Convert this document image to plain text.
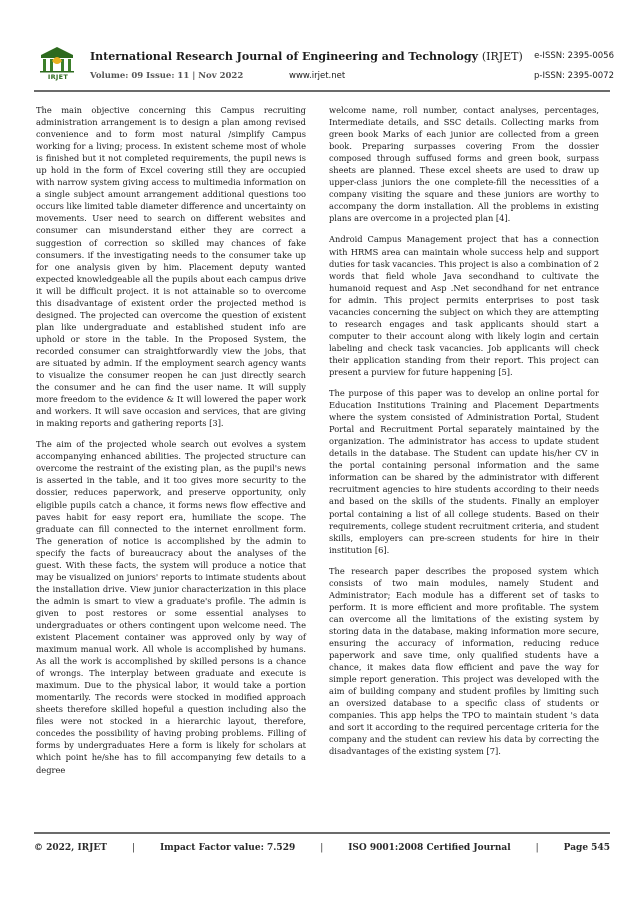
IRJET
International Research Journal of Engineering and Technology (IRJET) e-ISSN: 2395-0056
Volume: 09 Issue: 11 | Nov 2022	www.irjet.net	p-ISSN: 2395-0072

The main objective concerning this Campus recruiting administration arrangement is to design a plan among revised convenience and to form most natural /simplify Campus working for a living; process. In existent scheme most of whole is finished but it not completed requirements, the pupil news is up hold in the form of Excel covering still they are occupied with narrow system giving access to multimedia information on a single subject amount arrangement additional questions too occurs like limited table diameter difference and uncertainty on movements. User need to search on different websites and consumer can misunderstand either they are correct a suggestion of correction so skilled may chances of fake consumers. if the investigating needs to the consumer take up for one analysis given by him. Placement deputy wanted expected knowledgeable all the pupils about each campus drive it will be difficult project. it is not attainable so to overcome this disadvantage of existent order the projected method is designed. The projected can overcome the question of existent plan like undergraduate and established student info are uphold or store in the table. In the Proposed System, the recorded consumer can straightforwardly view the jobs, that are situated by admin. If the employment search agency wants to visualize the consumer reopen he can just directly search the consumer and he can find the user name. It will supply more freedom to the evidence & It will lowered the paper work and workers. It will save occasion and services, that are giving in making reports and gathering reports [3].

The aim of the projected whole search out evolves a system accompanying enhanced abilities. The projected structure can overcome the restraint of the existing plan, as the pupil's news is asserted in the table, and it too gives more security to the dossier, reduces paperwork, and preserve opportunity, only eligible pupils catch a chance, it forms news flow effective and paves habit for easy report era, humiliate the scope. The graduate can fill connected to the internet enrollment form. The generation of notice is accomplished by the admin to specify the facts of bureaucracy about the analyses of the guest. With these facts, the system will produce a notice that may be visualized on juniors' reports to intimate students about the installation drive. View junior characterization in this place the admin is smart to view a graduate's profile. The admin is given to post restores or some essential analyses to undergraduates or others contingent upon welcome need. The existent Placement container was approved only by way of maximum manual work. All whole is accomplished by humans. As all the work is accomplished by skilled persons is a chance of wrongs. The interplay between graduate and execute is maximum. Due to the physical labor, it would take a portion momentarily. The records were stocked in modified approach sheets therefore skilled hopeful a question including also the files were not stocked in a hierarchic layout, therefore, concedes the possibility of having probing problems. Filling of forms by undergraduates Here a form is likely for scholars at which point he/she has to fill accompanying few details to a degree

welcome name, roll number, contact analyses, percentages, Intermediate details, and SSC details. Collecting marks from green book Marks of each junior are collected from a green book. Preparing surpasses covering From the dossier composed through suffused forms and green book, surpass sheets are planned. These excel sheets are used to draw up upper-class juniors the one complete-fill the necessities of a company visiting the square and these juniors are worthy to accompany the dorm installation. All the problems in existing plans are overcome in a projected plan [4].

Android Campus Management project that has a connection with HRMS area can maintain whole success help and support duties for task vacancies. This project is also a combination of 2 words that field whole Java secondhand to cultivate the humanoid request and Asp .Net secondhand for net entrance for admin. This project permits enterprises to post task vacancies concerning the subject on which they are attempting to research engages and task applicants should start a computer to their account along with likely login and certain labeling and check task vacancies. Job applicants will check their application standing from their report. This project can present a purview for future happening [5].

The purpose of this paper was to develop an online portal for Education Institutions Training and Placement Departments where the system consisted of Administration Portal, Student Portal and Recruitment Portal separately maintained by the organization. The administrator has access to update student details in the database. The Student can update his/her CV in the portal containing personal information and the same information can be shared by the administrator with different recruitment agencies to hire students according to their needs and based on the skills of the students. Finally an employer portal containing a list of all college students. Based on their requirements, college student recruitment criteria, and student skills, employers can pre-screen students for hire in their institution [6].

The research paper describes the proposed system which consists of two main modules, namely Student and Administrator; Each module has a different set of tasks to perform. It is more efficient and more profitable. The system can overcome all the limitations of the existing system by storing data in the database, making information more secure, ensuring the accuracy of information, reducing reduce paperwork and save time, only qualified students have a chance, it makes data flow efficient and pave the way for simple report generation. This project was developed with the aim of building company and student profiles by limiting such an oversized database to a specific class of students or companies. This app helps the TPO to maintain student 's data and sort it according to the required percentage criteria for the company and the student can review his data by correcting the disadvantages of the existing system [7].

© 2022, IRJET	|	Impact Factor value: 7.529	|	ISO 9001:2008 Certified Journal	|	Page 545
